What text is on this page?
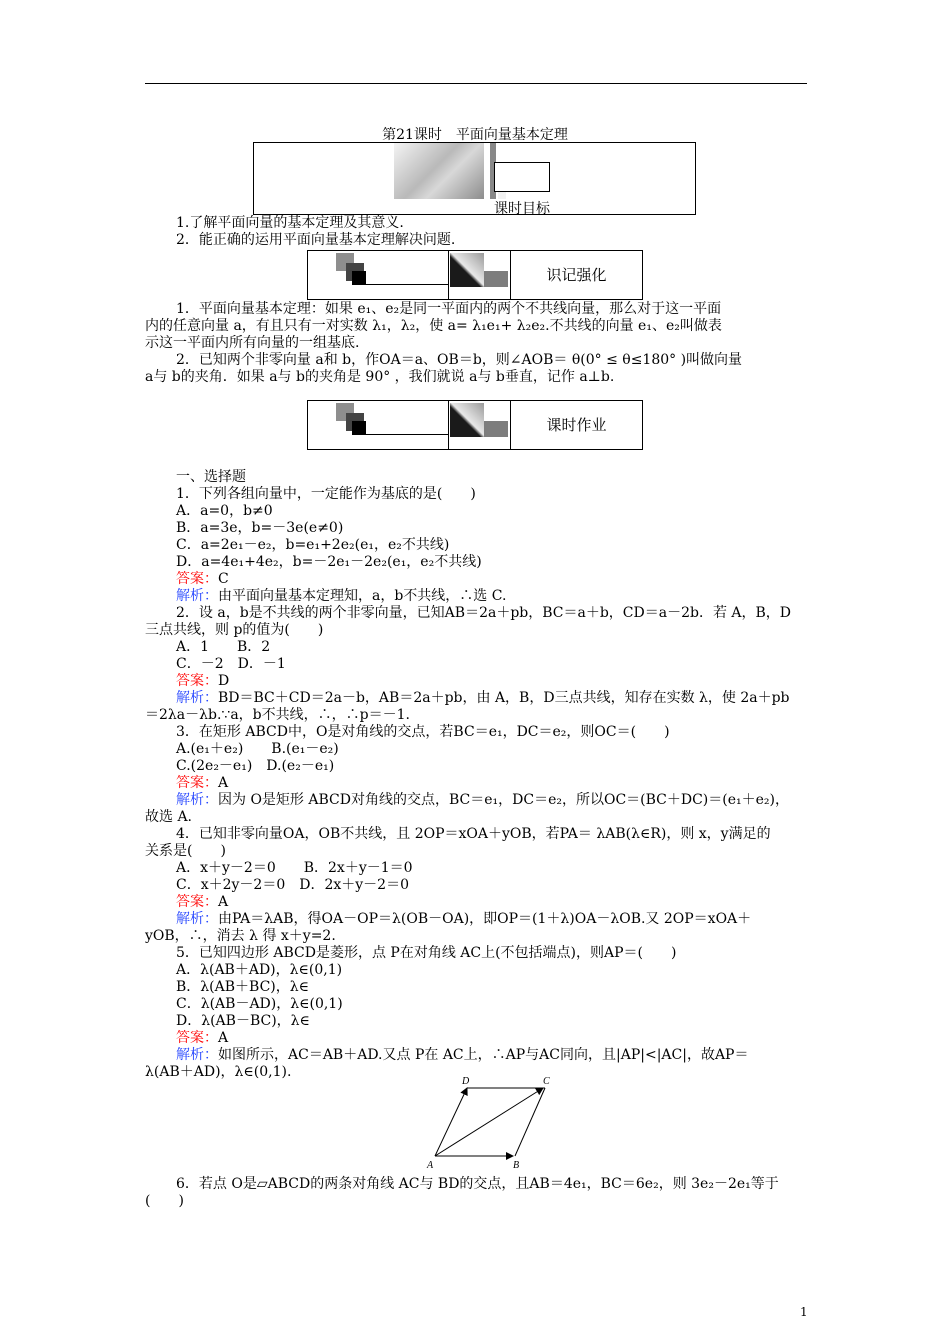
第21课时　平面向量基本定理
课时目标
1.了解平面向量的基本定理及其意义.
2．能正确的运用平面向量基本定理解决问题.
识记强化
1．平面向量基本定理：如果 e₁、e₂是同一平面内的两个不共线向量，那么对于这一平面
内的任意向量 a，有且只有一对实数 λ₁，λ₂，使 a= λ₁e₁+ λ₂e₂.不共线的向量 e₁、e₂叫做表
示这一平面内所有向量的一组基底.
2．已知两个非零向量 a和 b，作OA＝a、OB＝b，则∠AOB＝ θ(0° ≤ θ≤180° )叫做向量
a与 b的夹角．如果 a与 b的夹角是 90° ，我们就说 a与 b垂直，记作 a⊥b.
课时作业
一、选择题
1．下列各组向量中，一定能作为基底的是(　　)
A．a=0，b≠0
B．a=3e，b=－3e(e≠0)
C．a=2e₁－e₂，b=e₁+2e₂(e₁，e₂不共线)
D．a=4e₁+4e₂，b=－2e₁－2e₂(e₁，e₂不共线)
答案：C
解析：由平面向量基本定理知，a，b不共线，∴选 C.
2．设 a，b是不共线的两个非零向量，已知AB＝2a＋pb，BC＝a＋b，CD＝a－2b．若 A，B，D
三点共线，则 p的值为(　　)
A．1　　B．2
C．－2　D．－1
答案：D
解析：BD＝BC＋CD＝2a－b，AB＝2a＋pb，由 A，B，D三点共线，知存在实数 λ，使 2a＋pb
＝2λa－λb.∵a，b不共线，∴，∴p＝－1.
3．在矩形 ABCD中，O是对角线的交点，若BC＝e₁，DC＝e₂，则OC＝(　　)
A.(e₁＋e₂)　　B.(e₁－e₂)
C.(2e₂－e₁)　D.(e₂－e₁)
答案：A
解析：因为 O是矩形 ABCD对角线的交点，BC＝e₁，DC＝e₂，所以OC＝(BC＋DC)＝(e₁＋e₂)，
故选 A.
4．已知非零向量OA，OB不共线，且 2OP＝xOA＋yOB，若PA＝ λAB(λ∈R)，则 x，y满足的
关系是(　　)
A．x＋y－2＝0　　B．2x＋y－1＝0
C．x＋2y－2＝0　D．2x＋y－2＝0
答案：A
解析：由PA＝λAB，得OA－OP＝λ(OB－OA)，即OP＝(1＋λ)OA－λOB.又 2OP＝xOA＋
yOB，∴，消去 λ 得 x＋y=2.
5．已知四边形 ABCD是菱形，点 P在对角线 AC上(不包括端点)，则AP＝(　　)
A．λ(AB＋AD)，λ∈(0,1)
B．λ(AB＋BC)，λ∈
C．λ(AB－AD)，λ∈(0,1)
D．λ(AB－BC)，λ∈
答案：A
解析：如图所示，AC＝AB＋AD.又点 P在 AC上，∴AP与AC同向，且|AP|<|AC|，故AP＝
λ(AB＋AD)，λ∈(0,1).
A	B
C
D
6．若点 O是▱ABCD的两条对角线 AC与 BD的交点，且AB＝4e₁，BC＝6e₂，则 3e₂－2e₁等于
(　　)
1
